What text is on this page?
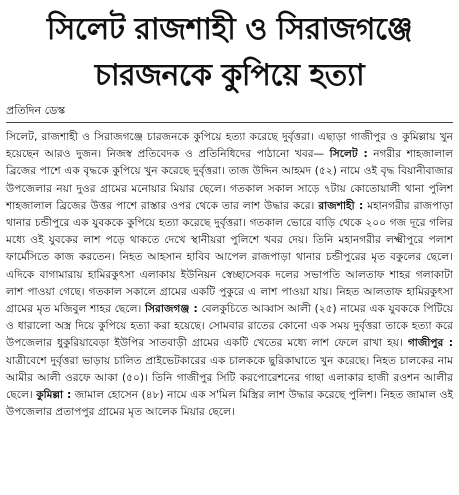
সিলেট রাজশাহী ও সিরাজগঞ্জে
চারজনকে কুপিয়ে হত্যা
প্রতিদিন ডেস্ক

সিলেট, রাজশাহী ও সিরাজগঞ্জে চারজনকে কুপিয়ে হত্যা করেছে দুর্বৃত্তরা। এছাড়া গাজীপুর ও কুমিল্লায় খুন হয়েছেন আরও দুজন। নিজস্ব প্রতিবেদক ও প্রতিনিধিদের পাঠানো খবর— সিলেট : নগরীর শাহজালাল ব্রিজের পাশে এক বৃদ্ধকে কুপিয়ে খুন করেছে দুর্বৃত্তরা। তাজ উদ্দিন আহমদ (৫২) নামে ওই বৃদ্ধ বিয়ানীবাজার উপজেলার নয়া দুওর গ্রামের মনোয়ার মিয়ার ছেলে। গতকাল সকাল সাড়ে ৭টায় কোতোয়ালী থানা পুলিশ শাহজালাল ব্রিজের উত্তর পাশে রাস্তার ওপর থেকে তার লাশ উদ্ধার করে। রাজশাহী : মহানগরীর রাজপাড়া থানার চন্ডীপুরে এক যুবককে কুপিয়ে হত্যা করেছে দুর্বৃত্তরা। গতকাল ভোরে বাড়ি থেকে ২০০ গজ দূরে গলির মধ্যে ওই যুবকের লাশ পড়ে থাকতে দেখে স্থানীয়রা পুলিশে খবর দেয়। তিনি মহানগরীর লক্ষ্মীপুরে পলাশ ফার্মেসিতে কাজ করতেন। নিহত আহসান হাবিব আপেল রাজপাড়া থানার চন্ডীপুরের মৃত বকুলের ছেলে। এদিকে বাগামারায় হামিরকুৎসা এলাকায় ইউনিয়ন স্বেচ্ছাসেবক দলের সভাপতি আলতাফ শাহর গলাকাটা লাশ পাওয়া গেছে। গতকাল সকালে গ্রামের একটি পুকুরে এ লাশ পাওয়া যায়। নিহত আলতাফ হামিরকুৎসা গ্রামের মৃত মজিবুল শাহর ছেলে। সিরাজগঞ্জ : বেলকুচিতে আব্বাস আলী (২৫) নামের এক যুবককে পিটিয়ে ও ধারালো অস্ত্র দিয়ে কুপিয়ে হত্যা করা হয়েছে। সোমবার রাতের কোনো এক সময় দুর্বৃত্তরা তাকে হত্যা করে উপজেলার ধুকুরিয়াবেড়া ইউপির সাতবাড়ী গ্রামের একটি খেতের মধ্যে লাশ ফেলে রাখা হয়। গাজীপুর : যাত্রীবেশে দুর্বৃত্তরা ভাড়ায় চালিত প্রাইভেটকারের এক চালককে ছুরিকাঘাতে খুন করেছে। নিহত চালকের নাম আমীর আলী ওরফে আকা (৫০)। তিনি গাজীপুর সিটি করপোরেশনের গাছা এলাকার হাজী রওশন আলীর ছেলে। কুমিল্লা : জামাল হোসেন (৪৮) নামে এক স'মিল মিস্ত্রির লাশ উদ্ধার করেছে পুলিশ। নিহত জামাল ওই উপজেলার প্রতাপপুর গ্রামের মৃত আলেক মিয়ার ছেলে।
